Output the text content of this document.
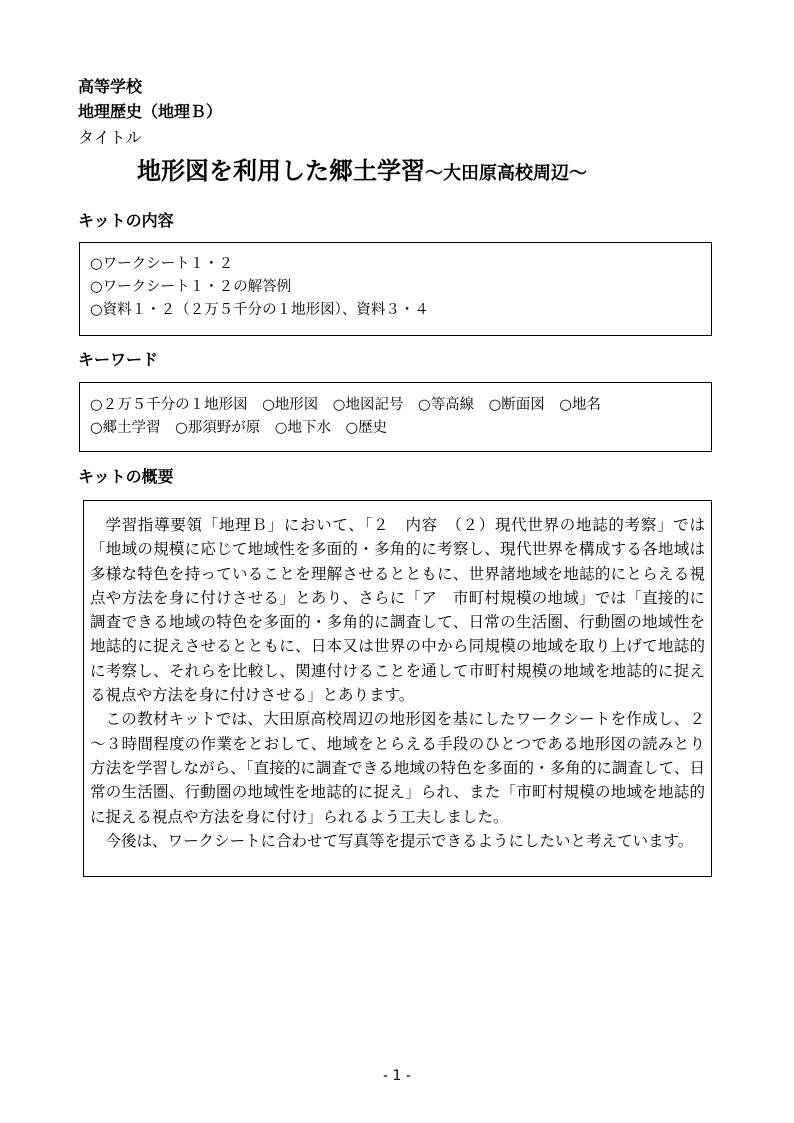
高等学校
地理歴史（地理Ｂ）
タイトル
地形図を利用した郷土学習～大田原高校周辺～
キットの内容
○ワークシート１・２
○ワークシート１・２の解答例
○資料１・２（２万５千分の１地形図）、資料３・４
キーワード
○２万５千分の１地形図　○地形図　○地図記号　○等高線　○断面図　○地名
○郷土学習　○那須野が原　○地下水　○歴史
キットの概要

学習指導要領「地理Ｂ」において、「２　内容　（２）現代世界の地誌的考察」では「地域の規模に応じて地域性を多面的・多角的に考察し、現代世界を構成する各地域は多様な特色を持っていることを理解させるとともに、世界諸地域を地誌的にとらえる視点や方法を身に付けさせる」とあり、さらに「ア　市町村規模の地域」では「直接的に調査できる地域の特色を多面的・多角的に調査して、日常の生活圏、行動圏の地域性を地誌的に捉えさせるとともに、日本又は世界の中から同規模の地域を取り上げて地誌的に考察し、それらを比較し、関連付けることを通して市町村規模の地域を地誌的に捉える視点や方法を身に付けさせる」とあります。

この教材キットでは、大田原高校周辺の地形図を基にしたワークシートを作成し、２～３時間程度の作業をとおして、地域をとらえる手段のひとつである地形図の読みとり方法を学習しながら、「直接的に調査できる地域の特色を多面的・多角的に調査して、日常の生活圏、行動圏の地域性を地誌的に捉え」られ、また「市町村規模の地域を地誌的に捉える視点や方法を身に付け」られるよう工夫しました。

今後は、ワークシートに合わせて写真等を提示できるようにしたいと考えています。

- 1 -
